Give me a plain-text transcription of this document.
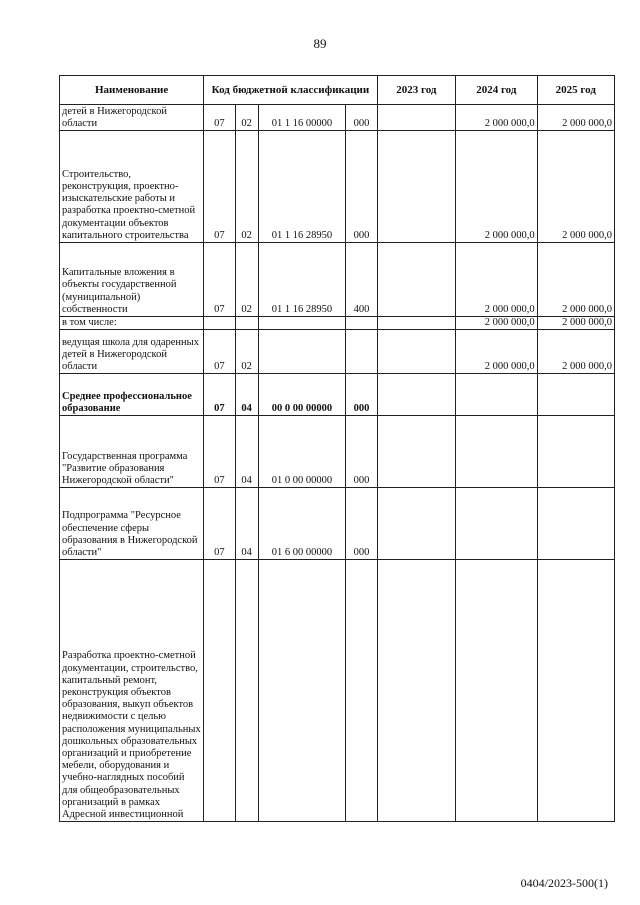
89
Наименование	Код бюджетной классификации				2023 год	2024 год	2025 год
детей в Нижегородской области	07	02	01 1 16 00000	000		2 000 000,0	2 000 000,0
Строительство, реконструкция, проектно-изыскательские работы и разработка проектно-сметной документации объектов капитального строительства	07	02	01 1 16 28950	000		2 000 000,0	2 000 000,0
Капитальные вложения в объекты государственной (муниципальной) собственности	07	02	01 1 16 28950	400		2 000 000,0	2 000 000,0
в том числе:						2 000 000,0	2 000 000,0
ведущая школа для одаренных детей в Нижегородской области	07	02				2 000 000,0	2 000 000,0
Среднее профессиональное образование	07	04	00 0 00 00000	000			
Государственная программа "Развитие образования Нижегородской области"	07	04	01 0 00 00000	000			
Подпрограмма "Ресурсное обеспечение сферы образования в Нижегородской области"	07	04	01 6 00 00000	000			
Разработка проектно-сметной документации, строительство, капитальный ремонт, реконструкция объектов образования, выкуп объектов недвижимости с целью расположения муниципальных дошкольных образовательных организаций и приобретение мебели, оборудования и учебно-наглядных пособий для общеобразовательных организаций в рамках Адресной инвестиционной							
0404/2023-500(1)
